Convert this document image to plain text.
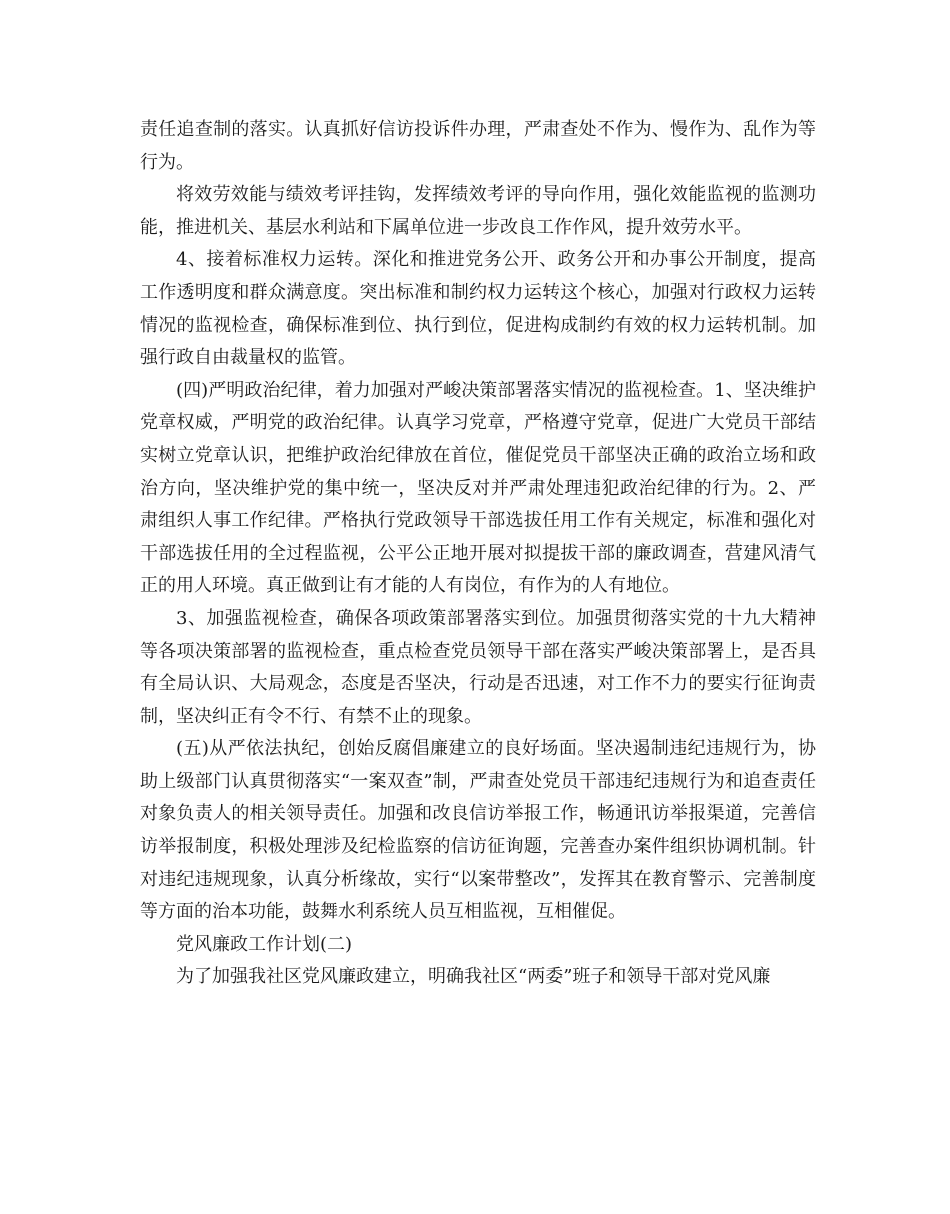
责任追查制的落实。认真抓好信访投诉件办理，严肃查处不作为、慢作为、乱作为等行为。

将效劳效能与绩效考评挂钩，发挥绩效考评的导向作用，强化效能监视的监测功能，推进机关、基层水利站和下属单位进一步改良工作作风，提升效劳水平。

4、接着标准权力运转。深化和推进党务公开、政务公开和办事公开制度，提高工作透明度和群众满意度。突出标准和制约权力运转这个核心，加强对行政权力运转情况的监视检查，确保标准到位、执行到位，促进构成制约有效的权力运转机制。加强行政自由裁量权的监管。

(四)严明政治纪律，着力加强对严峻决策部署落实情况的监视检查。1、坚决维护党章权威，严明党的政治纪律。认真学习党章，严格遵守党章，促进广大党员干部结实树立党章认识，把维护政治纪律放在首位，催促党员干部坚决正确的政治立场和政治方向，坚决维护党的集中统一，坚决反对并严肃处理违犯政治纪律的行为。2、严肃组织人事工作纪律。严格执行党政领导干部选拔任用工作有关规定，标准和强化对干部选拔任用的全过程监视，公平公正地开展对拟提拔干部的廉政调查，营建风清气正的用人环境。真正做到让有才能的人有岗位，有作为的人有地位。

3、加强监视检查，确保各项政策部署落实到位。加强贯彻落实党的十九大精神等各项决策部署的监视检查，重点检查党员领导干部在落实严峻决策部署上，是否具有全局认识、大局观念，态度是否坚决，行动是否迅速，对工作不力的要实行征询责制，坚决纠正有令不行、有禁不止的现象。

(五)从严依法执纪，创始反腐倡廉建立的良好场面。坚决遏制违纪违规行为，协助上级部门认真贯彻落实“一案双查”制，严肃查处党员干部违纪违规行为和追查责任对象负责人的相关领导责任。加强和改良信访举报工作，畅通讯访举报渠道，完善信访举报制度，积极处理涉及纪检监察的信访征询题，完善查办案件组织协调机制。针对违纪违规现象，认真分析缘故，实行“以案带整改”，发挥其在教育警示、完善制度等方面的治本功能，鼓舞水利系统人员互相监视，互相催促。

党风廉政工作计划(二)

为了加强我社区党风廉政建立，明确我社区“两委”班子和领导干部对党风廉
